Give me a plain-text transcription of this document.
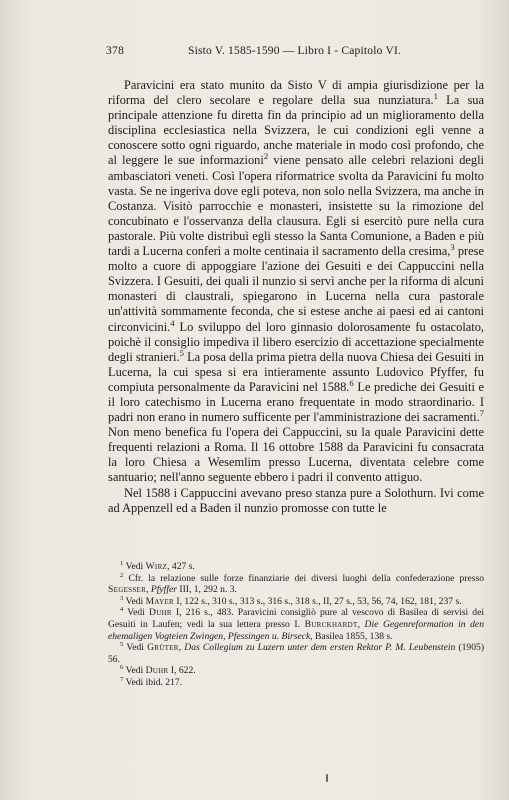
378	Sisto V. 1585-1590 — Libro I - Capitolo VI.

Paravicini era stato munito da Sisto V di ampia giurisdizione per la riforma del clero secolare e regolare della sua nunziatura.$^1$ La sua principale attenzione fu diretta fin da principio ad un miglioramento della disciplina ecclesiastica nella Svizzera, le cui condizioni egli venne a conoscere sotto ogni riguardo, anche materiale in modo così profondo, che al leggere le sue informazioni$^2$ viene pensato alle celebri relazioni degli ambasciatori veneti. Così l'opera riformatrice svolta da Paravicini fu molto vasta. Se ne ingeriva dove egli poteva, non solo nella Svizzera, ma anche in Costanza. Visitò parrocchie e monasteri, insistette su la rimozione del concubinato e l'osservanza della clausura. Egli si esercitò pure nella cura pastorale. Più volte distribuì egli stesso la Santa Comunione, a Baden e più tardi a Lucerna conferì a molte centinaia il sacramento della cresima,$^3$ prese molto a cuore di appoggiare l'azione dei Gesuiti e dei Cappuccini nella Svizzera. I Gesuiti, dei quali il nunzio si servì anche per la riforma di alcuni monasteri di claustrali, spiegarono in Lucerna nella cura pastorale un'attività sommamente feconda, che si estese anche ai paesi ed ai cantoni circonvicini.$^4$ Lo sviluppo del loro ginnasio dolorosamente fu ostacolato, poichè il consiglio impediva il libero esercizio di accettazione specialmente degli stranieri.$^5$ La posa della prima pietra della nuova Chiesa dei Gesuiti in Lucerna, la cui spesa si era intieramente assunto Ludovico Pfyffer, fu compiuta personalmente da Paravicini nel 1588.$^6$ Le prediche dei Gesuiti e il loro catechismo in Lucerna erano frequentate in modo straordinario. I padri non erano in numero sufficente per l'amministrazione dei sacramenti.$^7$ Non meno benefica fu l'opera dei Cappuccini, su la quale Paravicini dette frequenti relazioni a Roma. Il 16 ottobre 1588 da Paravicini fu consacrata la loro Chiesa a Wesemlim presso Lucerna, diventata celebre come santuario; nell'anno seguente ebbero i padri il convento attiguo.

Nel 1588 i Cappuccini avevano preso stanza pure a Solothurn. Ivi come ad Appenzell ed a Baden il nunzio promosse con tutte le

$^1$ Vedi Wirz, 427 s.

$^2$ Cfr. la relazione sulle forze finanziarie dei diversi luoghi della confederazione presso Segesser, Pfyffer III, 1, 292 n. 3.

$^3$ Vedi Mayer I, 122 s., 310 s., 313 s., 316 s., 318 s., II, 27 s., 53, 56, 74, 162, 181, 237 s.

$^4$ Vedi Duhr I, 216 s., 483. Paravicini consigliò pure al vescovo di Basilea di servisi dei Gesuiti in Laufen; vedi la sua lettera presso I. Burckhardt, Die Gegenreformation in den ehemaligen Vogteien Zwingen, Pfessingen u. Birseck, Basilea 1855, 138 s.

$^5$ Vedi Grüter, Das Collegium zu Luzern unter dem ersten Rektor P. M. Leubenstein (1905) 56.

$^6$ Vedi Duhr I, 622.

$^7$ Vedi ibid. 217.
